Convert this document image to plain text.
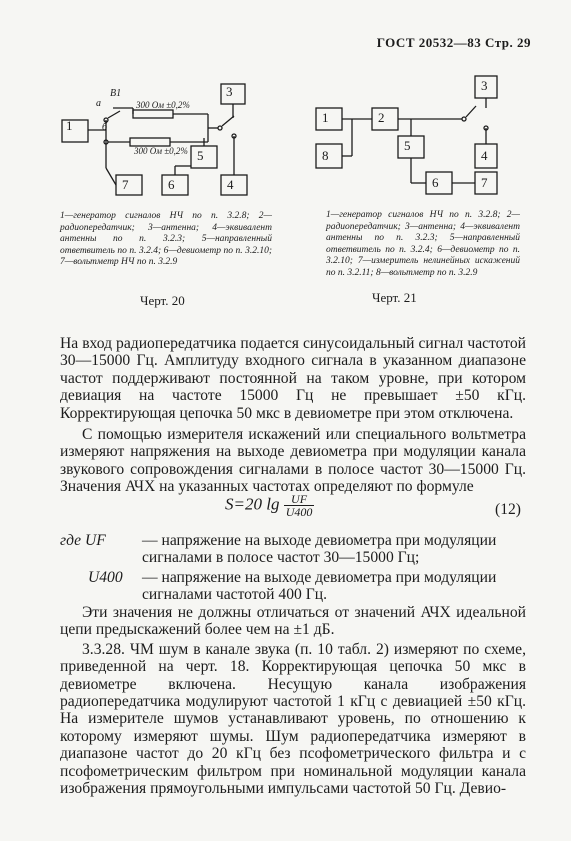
ГОСТ 20532—83 Стр. 29
1
3
5
6	4
7
В1
а
б
300 Ом ±0,2%
300 Ом ±0,2%
1—генератор сигналов НЧ по п. 3.2.8; 2—радиопередатчик; 3—антенна; 4—эквивалент антенны по п. 3.2.3; 5—направленный ответвитель по п. 3.2.4; 6—девиометр по п. 3.2.10; 7—вольтметр НЧ по п. 3.2.9
Черт. 20
1	2
3
8
5
4
6	7
1—генератор сигналов НЧ по п. 3.2.8; 2—радиопередатчик; 3—антенна; 4—эквивалент антенны по п. 3.2.3; 5—направленный ответвитель по п. 3.2.4; 6—девиометр по п. 3.2.10; 7—измеритель нелинейных искажений по п. 3.2.11; 8—вольтметр по п. 3.2.9
Черт. 21

На вход радиопередатчика подается синусоидальный сигнал частотой 30—15000 Гц. Амплитуду входного сигнала в указанном диапазоне частот поддерживают постоянной на таком уровне, при котором девиация на частоте 15000 Гц не превышает ±50 кГц. Корректирующая цепочка 50 мкс в девиометре при этом отключена.

С помощью измерителя искажений или специального вольтметра измеряют напряжения на выходе девиометра при модуляции канала звукового сопровождения сигналами в полосе частот 30—15000 Гц. Значения АЧХ на указанных частотах определяют по формуле

S=20 $\lg \frac{UF}{U400}$	(12)
где UF — напряжение на выходе девиометра при модуляции сигналами в полосе частот 30—15000 Гц;
U400 — напряжение на выходе девиометра при модуляции сигналами частотой 400 Гц.

Эти значения не должны отличаться от значений АЧХ идеальной цепи предыскажений более чем на ±1 дБ.

3.3.28. ЧМ шум в канале звука (п. 10 табл. 2) измеряют по схеме, приведенной на черт. 18. Корректирующая цепочка 50 мкс в девиометре включена. Несущую канала изображения радиопередатчика модулируют частотой 1 кГц с девиацией ±50 кГц. На измерителе шумов устанавливают уровень, по отношению к которому измеряют шумы. Шум радиопередатчика измеряют в диапазоне частот до 20 кГц без псофометрического фильтра и с псофометрическим фильтром при номинальной модуляции канала изображения прямоугольными импульсами частотой 50 Гц. Девио-
